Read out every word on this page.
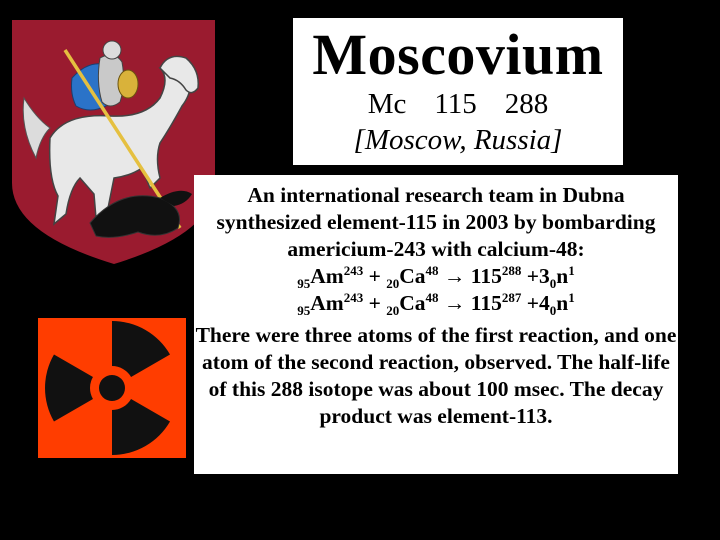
Moscovium
Mc 115 288
[Moscow, Russia]

An international research team in Dubna synthesized element-115 in 2003 by bombarding americium-243 with calcium-48:

$_{95}Am^{243} + _{20}Ca^{48} \to 115^{288} +3_0n^1$

$_{95}Am^{243} + _{20}Ca^{48} \to 115^{287} +4_0n^1$

There were three atoms of the first reaction, and one atom of the second reaction, observed. The half-life of this 288 isotope was about 100 msec. The decay product was element-113.
